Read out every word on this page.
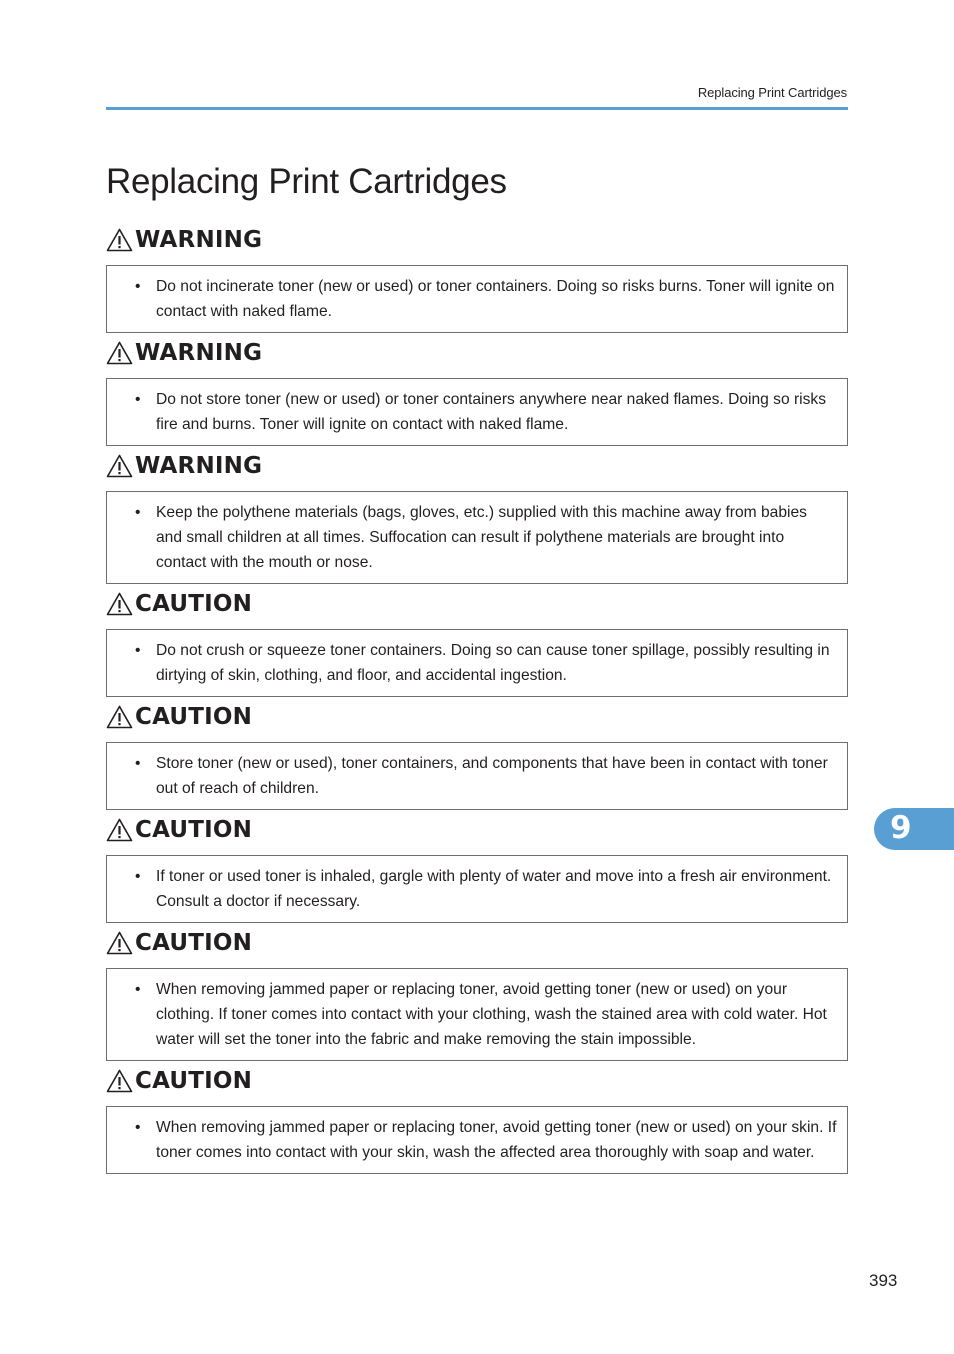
Replacing Print Cartridges
Replacing Print Cartridges
WARNING
• Do not incinerate toner (new or used) or toner containers. Doing so risks burns. Toner will ignite on contact with naked flame.
WARNING
• Do not store toner (new or used) or toner containers anywhere near naked flames. Doing so risks fire and burns. Toner will ignite on contact with naked flame.
WARNING
• Keep the polythene materials (bags, gloves, etc.) supplied with this machine away from babies and small children at all times. Suffocation can result if polythene materials are brought into contact with the mouth or nose.
CAUTION
• Do not crush or squeeze toner containers. Doing so can cause toner spillage, possibly resulting in dirtying of skin, clothing, and floor, and accidental ingestion.
CAUTION
• Store toner (new or used), toner containers, and components that have been in contact with toner out of reach of children.
CAUTION
• If toner or used toner is inhaled, gargle with plenty of water and move into a fresh air environment. Consult a doctor if necessary.
CAUTION
• When removing jammed paper or replacing toner, avoid getting toner (new or used) on your clothing. If toner comes into contact with your clothing, wash the stained area with cold water. Hot water will set the toner into the fabric and make removing the stain impossible.
CAUTION
• When removing jammed paper or replacing toner, avoid getting toner (new or used) on your skin. If toner comes into contact with your skin, wash the affected area thoroughly with soap and water.
9
393
